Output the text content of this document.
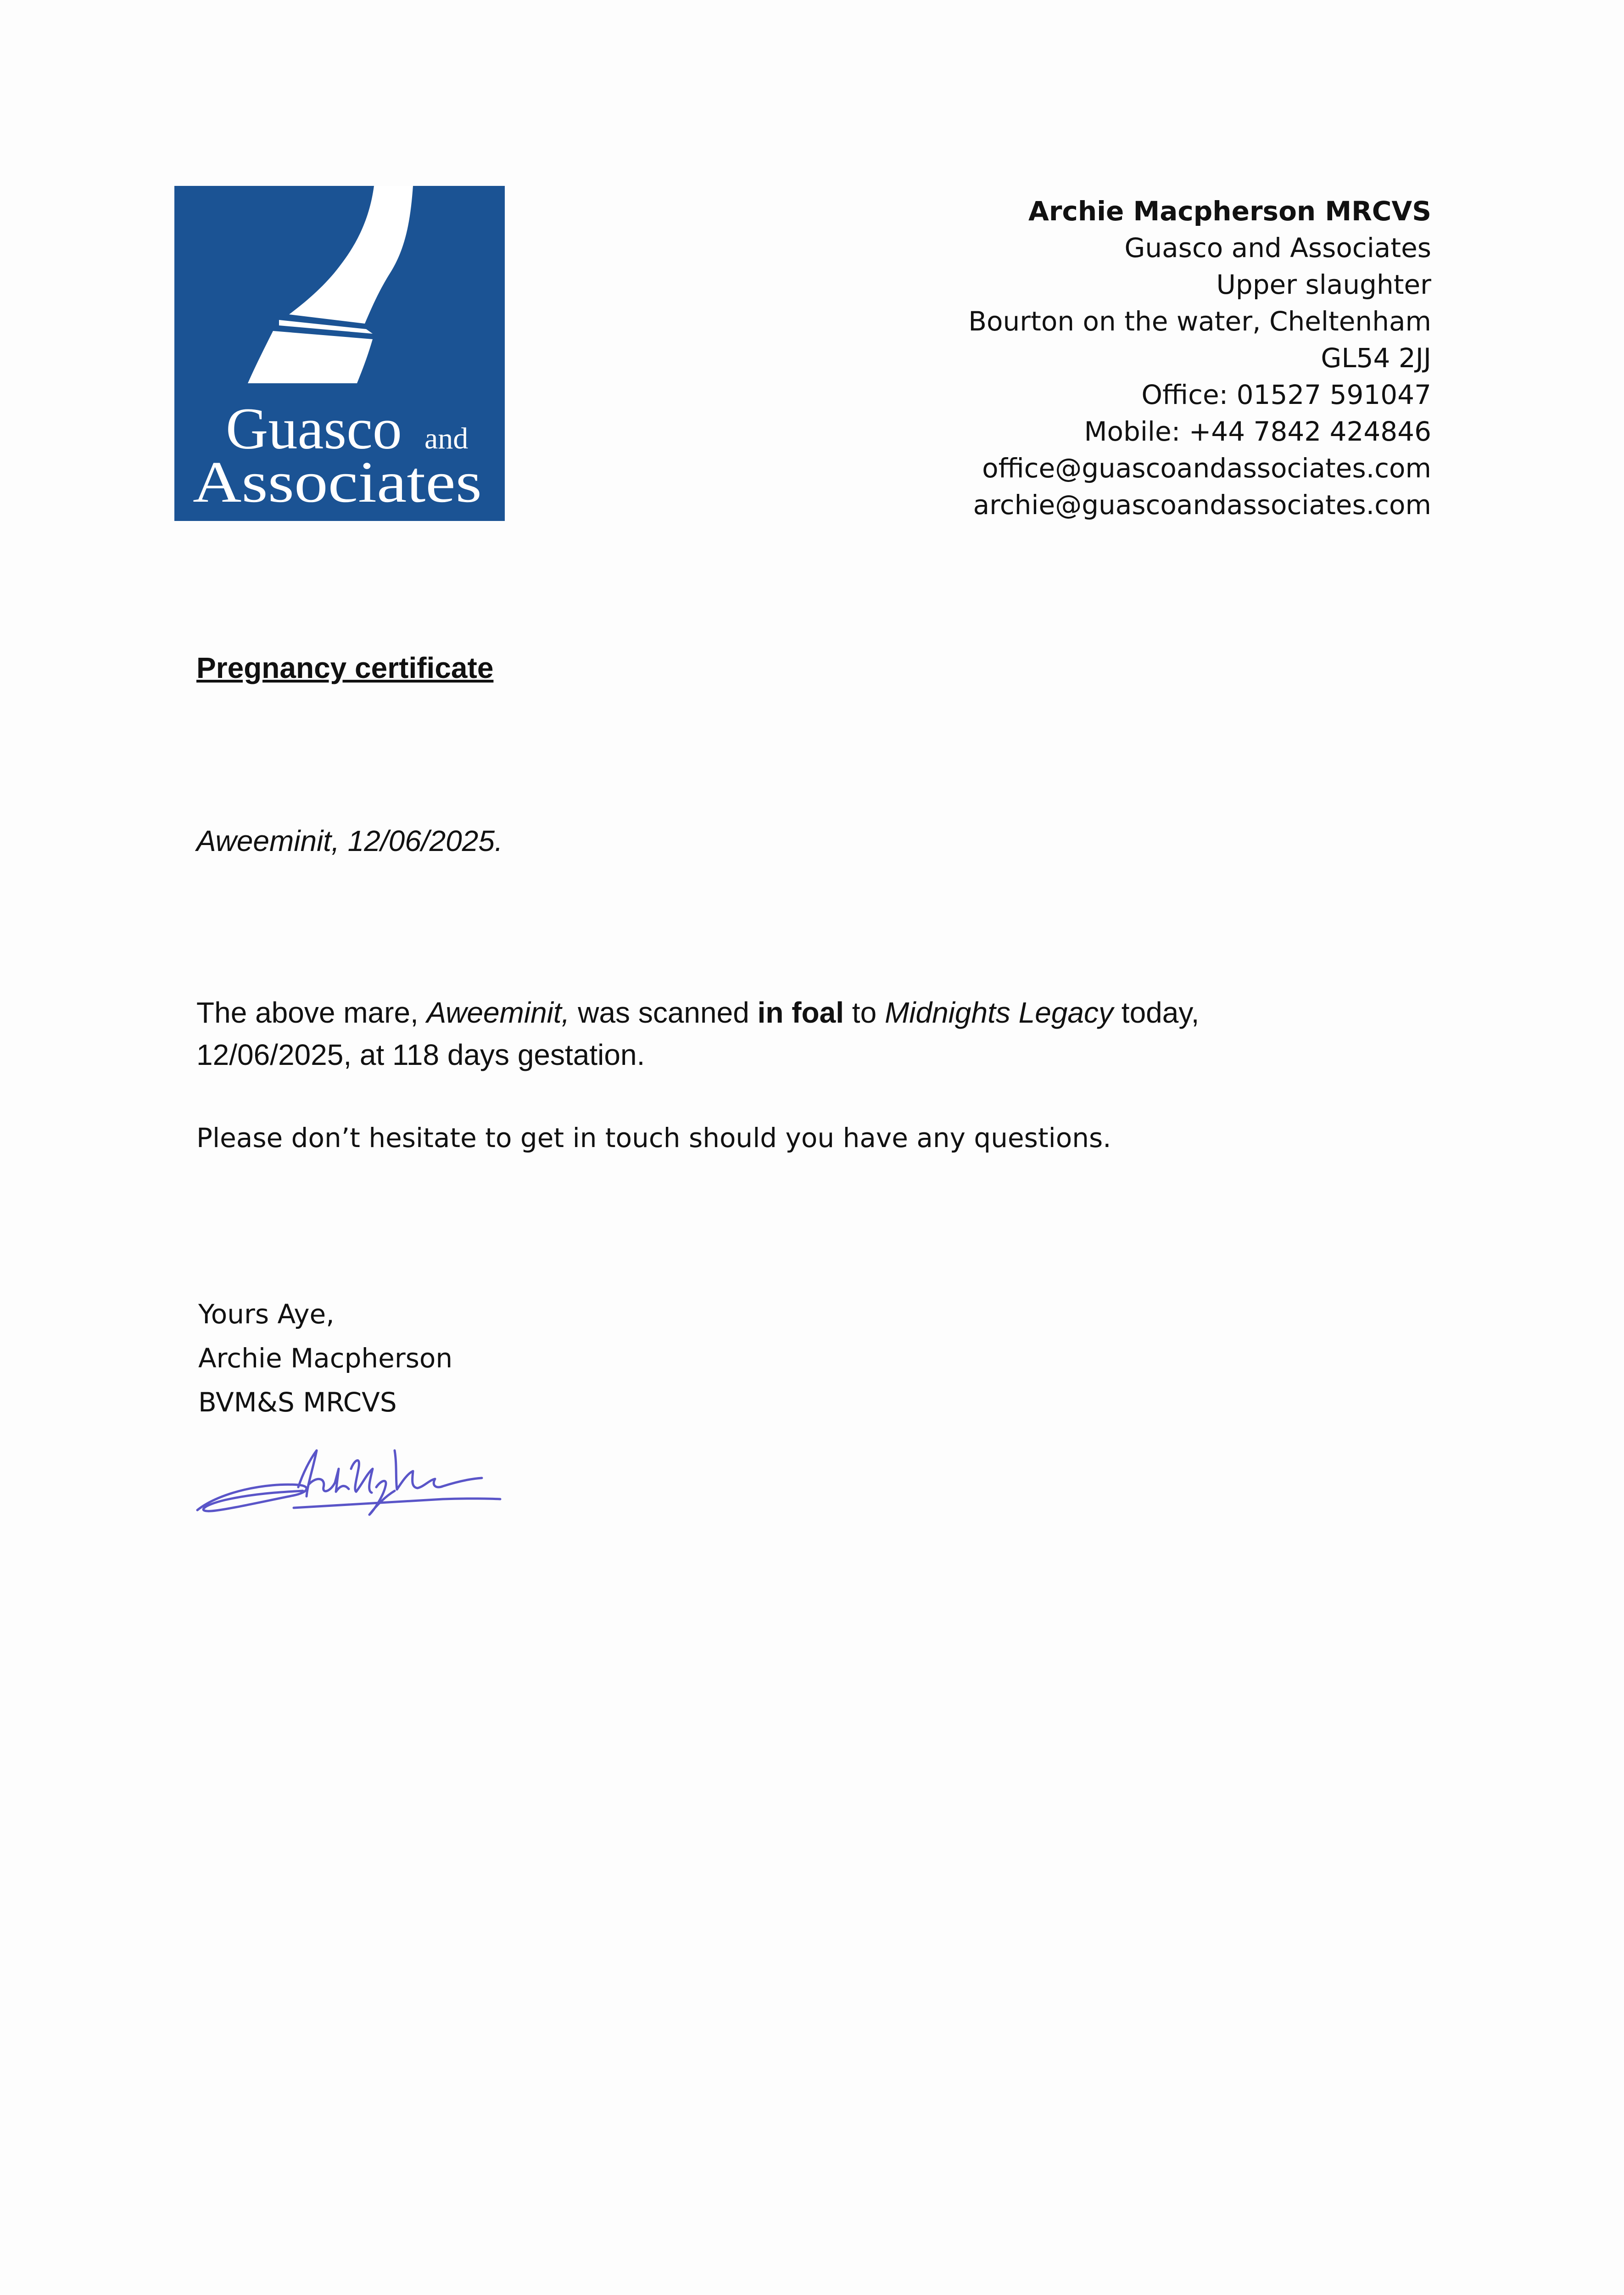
Guasco and
Associates
Archie Macpherson MRCVS
Guasco and Associates
Upper slaughter
Bourton on the water, Cheltenham
GL54 2JJ
Office: 01527 591047
Mobile: +44 7842 424846
office@guascoandassociates.com
archie@guascoandassociates.com
Pregnancy certificate
Aweeminit, 12/06/2025.
The above mare, Aweeminit, was scanned in foal to Midnights Legacy today, 12/06/2025, at 118 days gestation.
Please don’t hesitate to get in touch should you have any questions.
Yours Aye,
Archie Macpherson
BVM&S MRCVS
